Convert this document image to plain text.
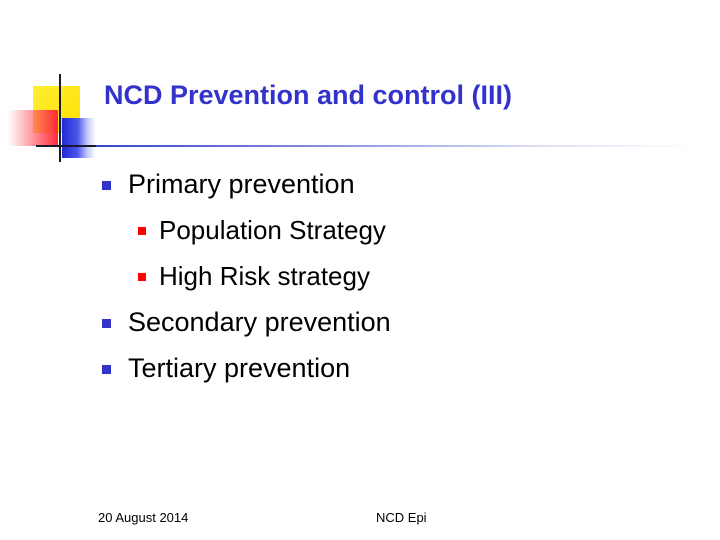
NCD Prevention and control (III)
Primary prevention
Population Strategy
High Risk strategy
Secondary prevention
Tertiary prevention
20 August 2014	NCD Epi
